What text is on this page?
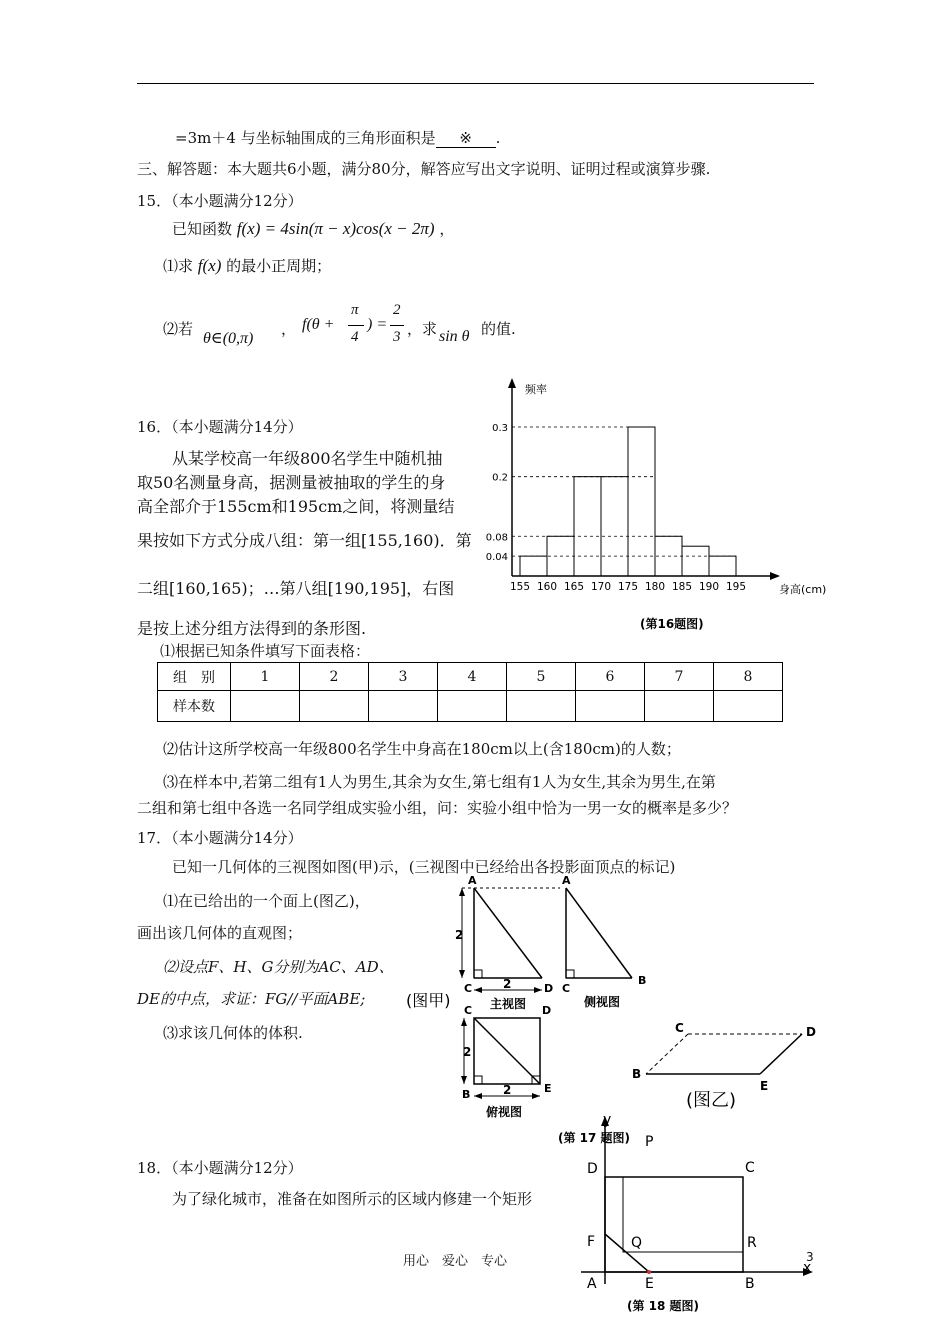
=3m＋4 与坐标轴围成的三角形面积是 ※ .
三、解答题：本大题共6小题，满分80分，解答应写出文字说明、证明过程或演算步骤.
15．（本小题满分12分）
已知函数 f(x) = 4sin(π − x)cos(x − 2π) ，
⑴求 f(x) 的最小正周期；
⑵若
θ∈(0,π)
， f(θ +
π
4
) =
2
3 ，求 sin θ 的值.
16．（本小题满分14分）
从某学校高一年级800名学生中随机抽
取50名测量身高，据测量被抽取的学生的身
高全部介于155cm和195cm之间，将测量结
果按如下方式分成八组：第一组[155,160)．第
二组[160,165)；…第八组[190,195]，右图
是按上述分组方法得到的条形图.
频率
身高(cm)
0.04
0.08
0.2
0.3
155 160 165 170 175 180 185 190 195
(第16题图)
⑴根据已知条件填写下面表格：
组　别	1	2	3	4	5	6	7	8
样本数								
⑵估计这所学校高一年级800名学生中身高在180cm以上(含180cm)的人数；
⑶在样本中,若第二组有1人为男生,其余为女生,第七组有1人为女生,其余为男生,在第
二组和第七组中各选一名同学组成实验小组，问：实验小组中恰为一男一女的概率是多少？
17．（本小题满分14分）
已知一几何体的三视图如图(甲)示，(三视图中已经给出各投影面顶点的标记)
⑴在已给出的一个面上(图乙)，
画出该几何体的直观图；
⑵设点F、H、G分别为AC、AD、
DE的中点，求证：FG//平面ABE;
⑶求该几何体的体积.
2
2
A
C	D
主视图
A
C
B
侧视图
(图甲)
2
2
C	D
B	E
俯视图
C	D
B
E
(图乙)
(第 17 题图)
18．（本小题满分12分）
为了绿化城市，准备在如图所示的区域内修建一个矩形
y
P
D	C
F	Q	R
A	E	B
x
(第 18 题图)
用心　爱心　专心	3
